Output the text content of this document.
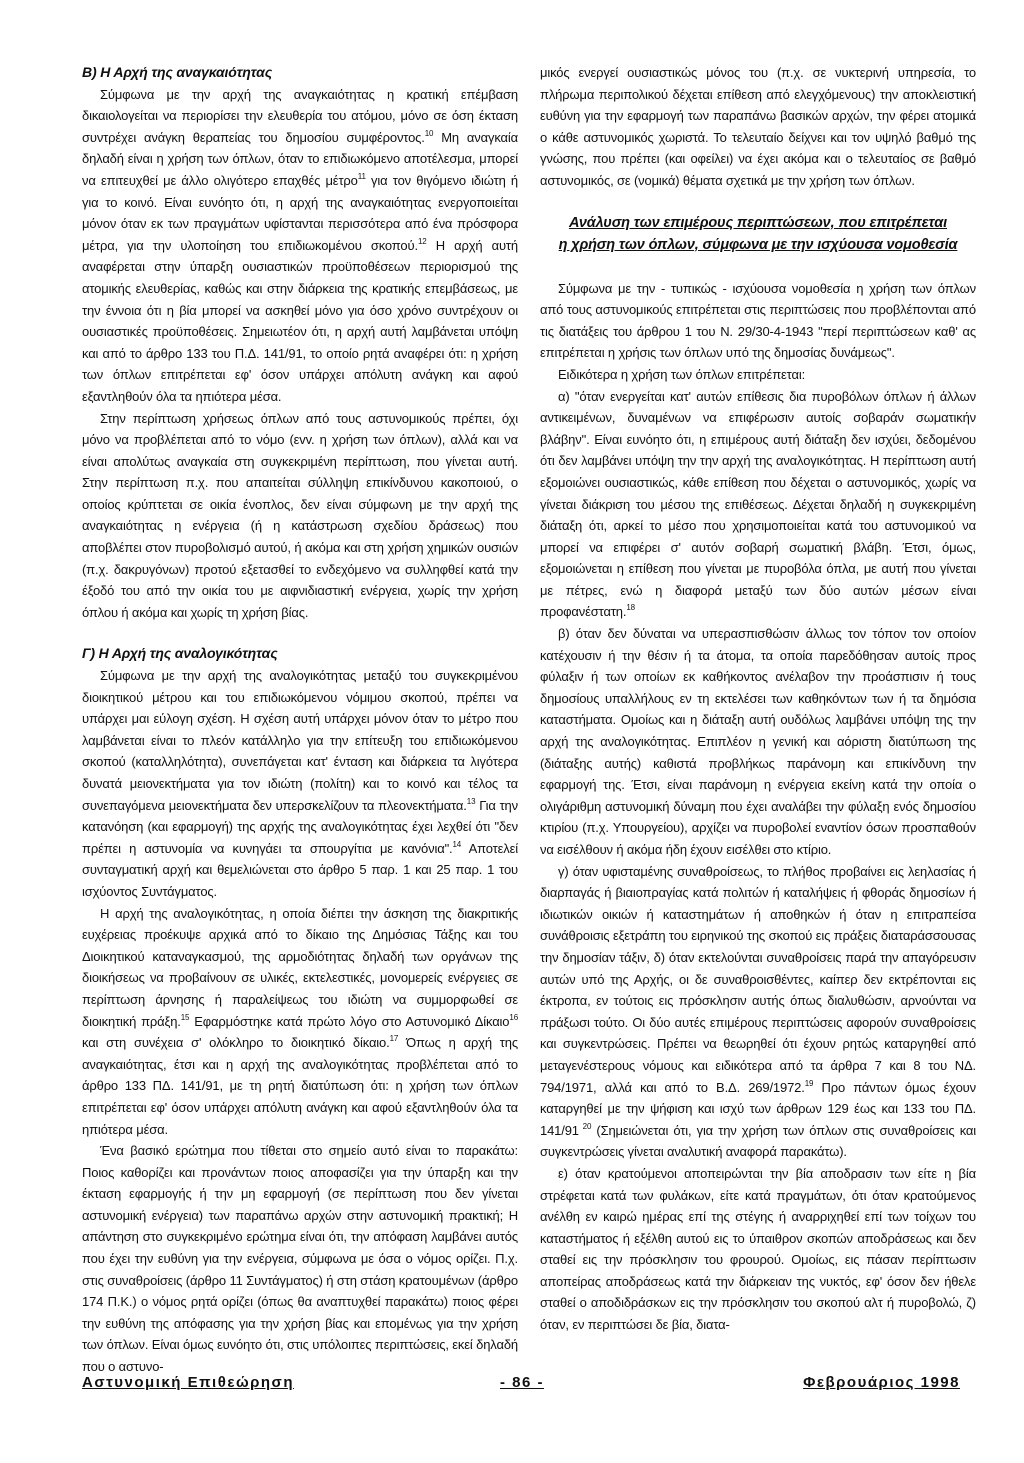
Β) Η Αρχή της αναγκαιότητας

Σύμφωνα με την αρχή της αναγκαιότητας η κρατική επέμβαση δικαιολογείται να περιορίσει την ελευθερία του ατόμου, μόνο σε όση έκταση συντρέχει ανάγκη θεραπείας του δημοσίου συμφέροντος.$^{10}$ Μη αναγκαία δηλαδή είναι η χρήση των όπλων, όταν το επιδιωκόμενο αποτέλεσμα, μπορεί να επιτευχθεί με άλλο ολιγότερο επαχθές μέτρο$^{11}$ για τον θιγόμενο ιδιώτη ή για το κοινό. Είναι ευνόητο ότι, η αρχή της αναγκαιότητας ενεργοποιείται μόνον όταν εκ των πραγμάτων υφίστανται περισσότερα από ένα πρόσφορα μέτρα, για την υλοποίηση του επιδιωκομένου σκοπού.$^{12}$ Η αρχή αυτή αναφέρεται στην ύπαρξη ουσιαστικών προϋποθέσεων περιορισμού της ατομικής ελευθερίας, καθώς και στην διάρκεια της κρατικής επεμβάσεως, με την έννοια ότι η βία μπορεί να ασκηθεί μόνο για όσο χρόνο συντρέχουν οι ουσιαστικές προϋποθέσεις. Σημειωτέον ότι, η αρχή αυτή λαμβάνεται υπόψη και από το άρθρο 133 του Π.Δ. 141/91, το οποίο ρητά αναφέρει ότι: η χρήση των όπλων επιτρέπεται εφ' όσον υπάρχει απόλυτη ανάγκη και αφού εξαντληθούν όλα τα ηπιότερα μέσα.

Στην περίπτωση χρήσεως όπλων από τους αστυνομικούς πρέπει, όχι μόνο να προβλέπεται από το νόμο (εvv. η χρήση των όπλων), αλλά και να είναι απολύτως αναγκαία στη συγκεκριμένη περίπτωση, που γίνεται αυτή. Στην περίπτωση π.χ. που απαιτείται σύλληψη επικίνδυνου κακοποιού, ο οποίος κρύπτεται σε οικία ένοπλος, δεν είναι σύμφωνη με την αρχή της αναγκαιότητας η ενέργεια (ή η κατάστρωση σχεδίου δράσεως) που αποβλέπει στον πυροβολισμό αυτού, ή ακόμα και στη χρήση χημικών ουσιών (π.χ. δακρυγόνων) προτού εξετασθεί το ενδεχόμενο να συλληφθεί κατά την έξοδό του από την οικία του με αιφνιδιαστική ενέργεια, χωρίς την χρήση όπλου ή ακόμα και χωρίς τη χρήση βίας.

Γ) Η Αρχή της αναλογικότητας

Σύμφωνα με την αρχή της αναλογικότητας μεταξύ του συγκεκριμένου διοικητικού μέτρου και του επιδιωκόμενου νόμιμου σκοπού, πρέπει να υπάρχει μαι εύλογη σχέση. Η σχέση αυτή υπάρχει μόνον όταν το μέτρο που λαμβάνεται είναι το πλεόν κατάλληλο για την επίτευξη του επιδιωκόμενου σκοπού (καταλληλότητα), συνεπάγεται κατ' ένταση και διάρκεια τα λιγότερα δυνατά μειονεκτήματα για τον ιδιώτη (πολίτη) και το κοινό και τέλος τα συνεπαγόμενα μειονεκτήματα δεν υπερσκελίζουν τα πλεονεκτήματα.$^{13}$ Για την κατανόηση (και εφαρμογή) της αρχής της αναλογικότητας έχει λεχθεί ότι "δεν πρέπει η αστυνομία να κυνηγάει τα σπουργίτια με κανόνια".$^{14}$ Αποτελεί συνταγματική αρχή και θεμελιώνεται στο άρθρο 5 παρ. 1 και 25 παρ. 1 του ισχύοντος Συντάγματος.

Η αρχή της αναλογικότητας, η οποία διέπει την άσκηση της διακριτικής ευχέρειας προέκυψε αρχικά από το δίκαιο της Δημόσιας Τάξης και του Διοικητικού καταναγκασμού, της αρμοδιότητας δηλαδή των οργάνων της διοικήσεως να προβαίνουν σε υλικές, εκτελεστικές, μονομερείς ενέργειες σε περίπτωση άρνησης ή παραλείψεως του ιδιώτη να συμμορφωθεί σε διοικητική πράξη.$^{15}$ Εφαρμόστηκε κατά πρώτο λόγο στο Αστυνομικό Δίκαιο$^{16}$ και στη συνέχεια σ' ολόκληρο το διοικητικό δίκαιο.$^{17}$ Όπως η αρχή της αναγκαιότητας, έτσι και η αρχή της αναλογικότητας προβλέπεται από το άρθρο 133 ΠΔ. 141/91, με τη ρητή διατύπωση ότι: η χρήση των όπλων επιτρέπεται εφ' όσον υπάρχει απόλυτη ανάγκη και αφού εξαντληθούν όλα τα ηπιότερα μέσα.

Ένα βασικό ερώτημα που τίθεται στο σημείο αυτό είναι το παρακάτω: Ποιος καθορίζει και προνάντων ποιος αποφασίζει για την ύπαρξη και την έκταση εφαρμογής ή την μη εφαρμογή (σε περίπτωση που δεν γίνεται αστυνομική ενέργεια) των παραπάνω αρχών στην αστυνομική πρακτική; Η απάντηση στο συγκεκριμένο ερώτημα είναι ότι, την απόφαση λαμβάνει αυτός που έχει την ευθύνη για την ενέργεια, σύμφωνα με όσα ο νόμος ορίζει. Π.χ. στις συναθροίσεις (άρθρο 11 Συντάγματος) ή στη στάση κρατουμένων (άρθρο 174 Π.Κ.) ο νόμος ρητά ορίζει (όπως θα αναπτυχθεί παρακάτω) ποιος φέρει την ευθύνη της απόφασης για την χρήση βίας και επομένως για την χρήση των όπλων. Είναι όμως ευνόητο ότι, στις υπόλοιπες περιπτώσεις, εκεί δηλαδή που ο αστυνο-

μικός ενεργεί ουσιαστικώς μόνος του (π.χ. σε νυκτερινή υπηρεσία, το πλήρωμα περιπολικού δέχεται επίθεση από ελεγχόμενους) την αποκλειστική ευθύνη για την εφαρμογή των παραπάνω βασικών αρχών, την φέρει ατομικά ο κάθε αστυνομικός χωριστά. Το τελευταίο δείχνει και τον υψηλό βαθμό της γνώσης, που πρέπει (και οφείλει) να έχει ακόμα και ο τελευταίος σε βαθμό αστυνομικός, σε (νομικά) θέματα σχετικά με την χρήση των όπλων.

Ανάλυση των επιμέρους περιπτώσεων, που επιτρέπεται
η χρήση των όπλων, σύμφωνα με την ισχύουσα νομοθεσία

Σύμφωνα με την - τυπικώς - ισχύουσα νομοθεσία η χρήση των όπλων από τους αστυνομικούς επιτρέπεται στις περιπτώσεις που προβλέπονται από τις διατάξεις του άρθρου 1 του Ν. 29/30-4-1943 "περί περιπτώσεων καθ' ας επιτρέπεται η χρήσις των όπλων υπό της δημοσίας δυνάμεως".

Ειδικότερα η χρήση των όπλων επιτρέπεται:

α) "όταν ενεργείται κατ' αυτών επίθεσις δια πυροβόλων όπλων ή άλλων αντικειμένων, δυναμένων να επιφέρωσιν αυτοίς σοβαράν σωματικήν βλάβην". Είναι ευνόητο ότι, η επιμέρους αυτή διάταξη δεν ισχύει, δεδομένου ότι δεν λαμβάνει υπόψη την την αρχή της αναλογικότητας. Η περίπτωση αυτή εξομοιώνει ουσιαστικώς, κάθε επίθεση που δέχεται ο αστυνομικός, χωρίς να γίνεται διάκριση του μέσου της επιθέσεως. Δέχεται δηλαδή η συγκεκριμένη διάταξη ότι, αρκεί το μέσο που χρησιμοποιείται κατά του αστυνομικού να μπορεί να επιφέρει σ' αυτόν σοβαρή σωματική βλάβη. Έτσι, όμως, εξομοιώνεται η επίθεση που γίνεται με πυροβόλα όπλα, με αυτή που γίνεται με πέτρες, ενώ η διαφορά μεταξύ των δύο αυτών μέσων είναι προφανέστατη.$^{18}$

β) όταν δεν δύναται να υπερασπισθώσιν άλλως τον τόπον τον οποίον κατέχουσιν ή την θέσιν ή τα άτομα, τα οποία παρεδόθησαν αυτοίς προς φύλαξιν ή των οποίων εκ καθήκοντος ανέλαβον την προάσπισιν ή τους δημοσίους υπαλλήλους εν τη εκτελέσει των καθηκόντων των ή τα δημόσια καταστήματα. Ομοίως και η διάταξη αυτή ουδόλως λαμβάνει υπόψη της την αρχή της αναλογικότητας. Επιπλέον η γενική και αόριστη διατύπωση της (διάταξης αυτής) καθιστά προβλήκως παράνομη και επικίνδυνη την εφαρμογή της. Έτσι, είναι παράνομη η ενέργεια εκείνη κατά την οποία ο ολιγάριθμη αστυνομική δύναμη που έχει αναλάβει την φύλαξη ενός δημοσίου κτιρίου (π.χ. Υπουργείου), αρχίζει να πυροβολεί εναντίον όσων προσπαθούν να εισέλθουν ή ακόμα ήδη έχουν εισέλθει στο κτίριο.

γ) όταν υφισταμένης συναθροίσεως, το πλήθος προβαίνει εις λεηλασίας ή διαρπαγάς ή βιαιοπραγίας κατά πολιτών ή καταλήψεις ή φθοράς δημοσίων ή ιδιωτικών οικιών ή καταστημάτων ή αποθηκών ή όταν η επιτραπείσα συνάθροισις εξετράπη του ειρηνικού της σκοπού εις πράξεις διαταράσσουσας την δημοσίαν τάξιν, δ) όταν εκτελούνται συναθροίσεις παρά την απαγόρευσιν αυτών υπό της Αρχής, οι δε συναθροισθέντες, καίπερ δεν εκτρέπονται εις έκτροπα, εν τούτοις εις πρόσκλησιν αυτής όπως διαλυθώσιν, αρνούνται να πράξωσι τούτο. Οι δύο αυτές επιμέρους περιπτώσεις αφορούν συναθροίσεις και συγκεντρώσεις. Πρέπει να θεωρηθεί ότι έχουν ρητώς καταργηθεί από μεταγενέστερους νόμους και ειδικότερα από τα άρθρα 7 και 8 του ΝΔ. 794/1971, αλλά και από το Β.Δ. 269/1972.19 Προ πάντων όμως έχουν καταργηθεί με την ψήφιση και ισχύ των άρθρων 129 έως και 133 του ΠΔ. 141/91 $^{20}$ (Σημειώνεται ότι, για την χρήση των όπλων στις συναθροίσεις και συγκεντρώσεις γίνεται αναλυτική αναφορά παρακάτω).

ε) όταν κρατούμενοι αποπειρώνται την βία αποδρασιν των είτε η βία στρέφεται κατά των φυλάκων, είτε κατά πραγμάτων, ότι όταν κρατούμενος ανέλθη εν καιρώ ημέρας επί της στέγης ή αναρριχηθεί επί των τοίχων του καταστήματος ή εξέλθη αυτού εις το ύπαιθρον σκοπών αποδράσεως και δεν σταθεί εις την πρόσκλησιν του φρουρού. Ομοίως, εις πάσαν περίπτωσιν αποπείρας αποδράσεως κατά την διάρκειαν της νυκτός, εφ' όσον δεν ήθελε σταθεί ο αποδιδράσκων εις την πρόσκλησιν του σκοπού αλτ ή πυροβολώ, ζ) όταν, εν περιπτώσει δε βία, διατα-

Αστυνομική Επιθεώρηση	- 86 -	Φεβρουάριος 1998
